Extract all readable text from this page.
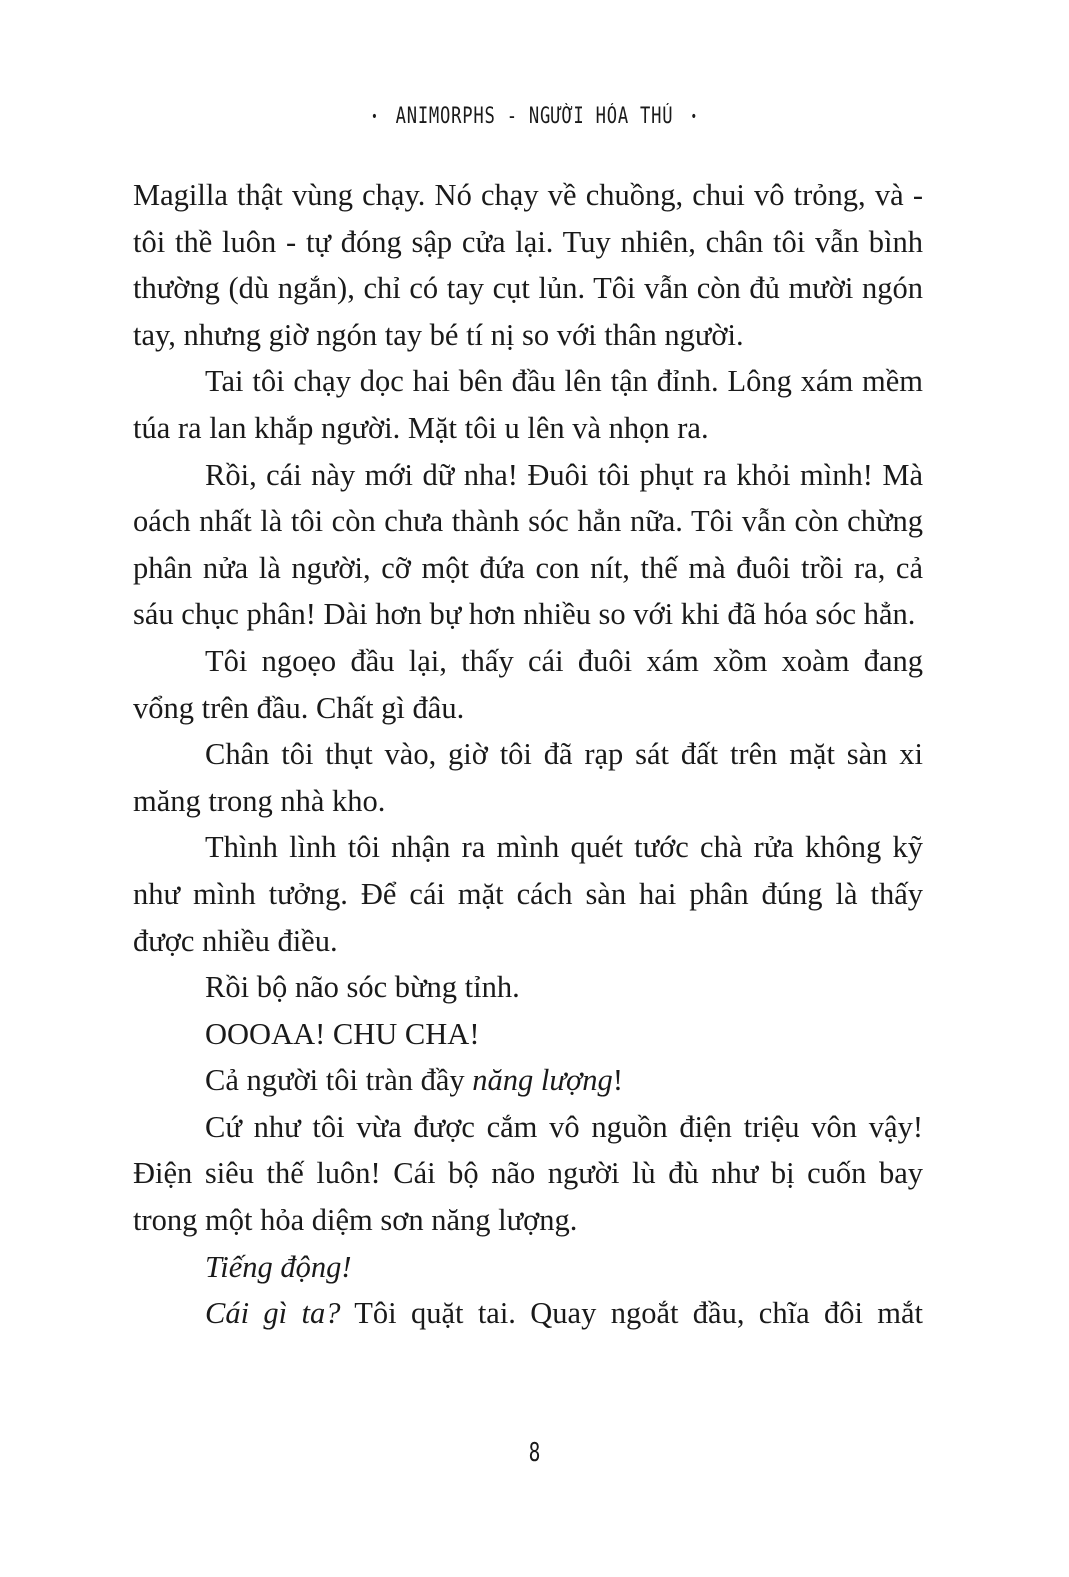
• ANIMORPHS - NGƯỜI HÓA THÚ •

Magilla thật vùng chạy. Nó chạy về chuồng, chui vô trỏng, và - tôi thề luôn - tự đóng sập cửa lại. Tuy nhiên, chân tôi vẫn bình thường (dù ngắn), chỉ có tay cụt lủn. Tôi vẫn còn đủ mười ngón tay, nhưng giờ ngón tay bé tí nị so với thân người.

Tai tôi chạy dọc hai bên đầu lên tận đỉnh. Lông xám mềm túa ra lan khắp người. Mặt tôi u lên và nhọn ra.

Rồi, cái này mới dữ nha! Đuôi tôi phụt ra khỏi mình! Mà oách nhất là tôi còn chưa thành sóc hẳn nữa. Tôi vẫn còn chừng phân nửa là người, cỡ một đứa con nít, thế mà đuôi trồi ra, cả sáu chục phân! Dài hơn bự hơn nhiều so với khi đã hóa sóc hẳn.

Tôi ngoẹo đầu lại, thấy cái đuôi xám xồm xoàm đang vổng trên đầu. Chất gì đâu.

Chân tôi thụt vào, giờ tôi đã rạp sát đất trên mặt sàn xi măng trong nhà kho.

Thình lình tôi nhận ra mình quét tước chà rửa không kỹ như mình tưởng. Để cái mặt cách sàn hai phân đúng là thấy được nhiều điều.

Rồi bộ não sóc bừng tỉnh.

OOOAA! CHU CHA!

Cả người tôi tràn đầy năng lượng!

Cứ như tôi vừa được cắm vô nguồn điện triệu vôn vậy! Điện siêu thế luôn! Cái bộ não người lù đù như bị cuốn bay trong một hỏa diệm sơn năng lượng.

Tiếng động!

Cái gì ta? Tôi quặt tai. Quay ngoắt đầu, chĩa đôi mắt

8
